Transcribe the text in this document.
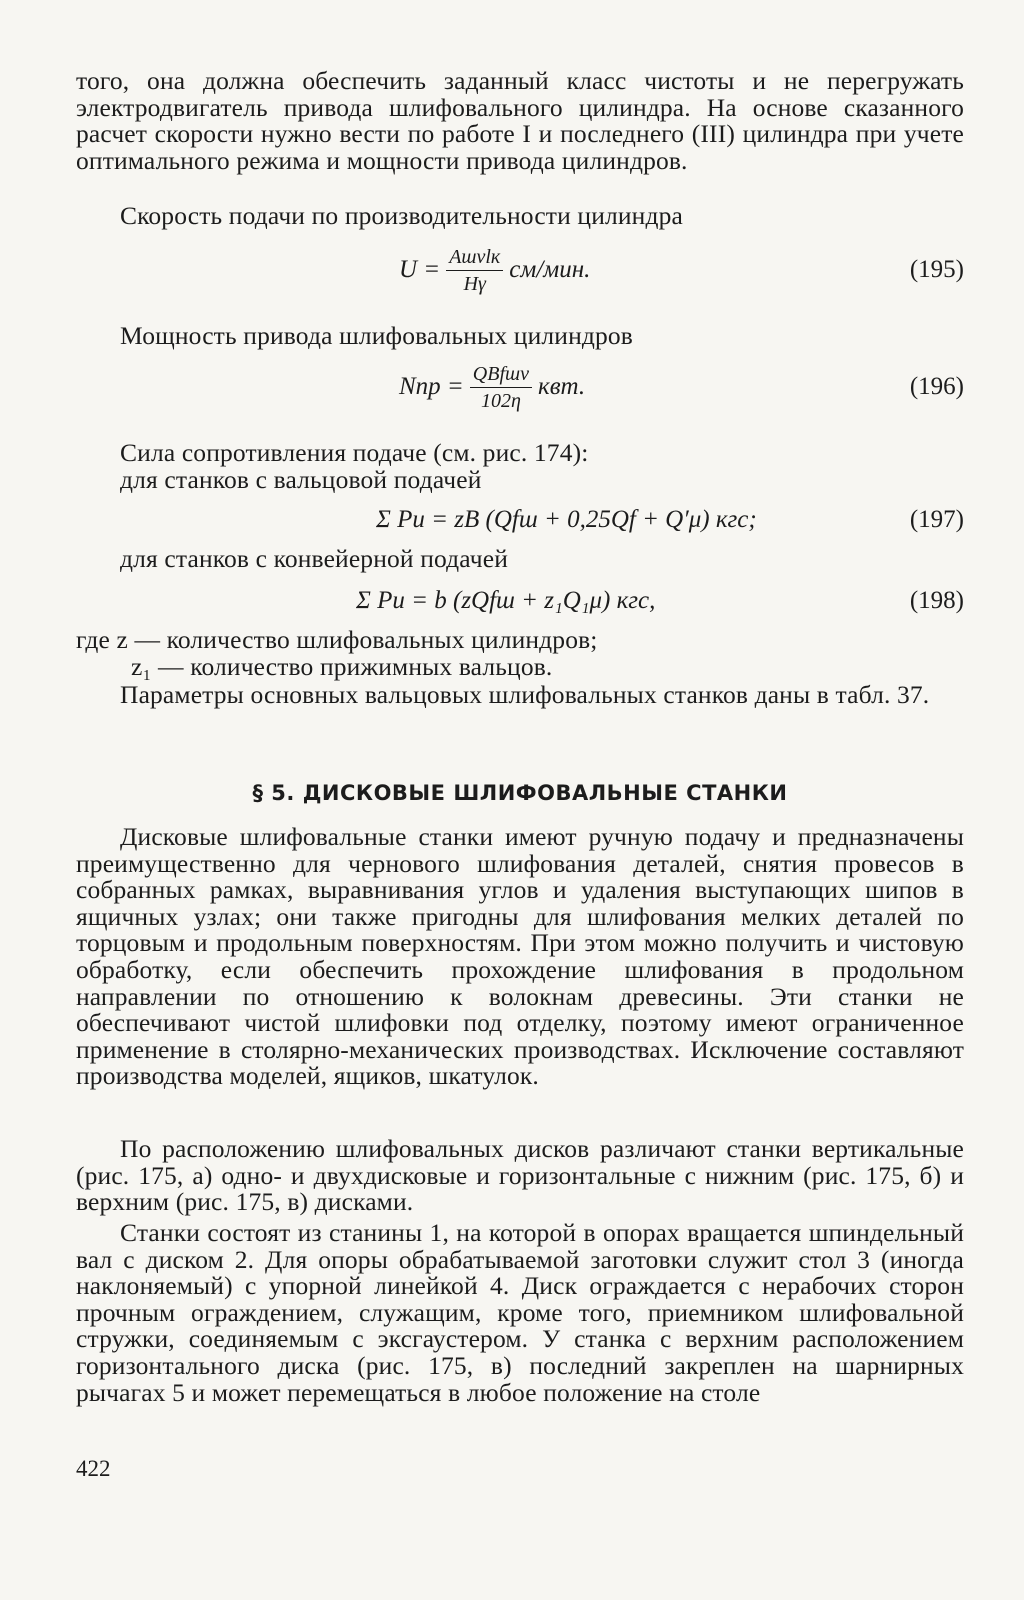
того, она должна обеспечить заданный класс чистоты и не перегружать электродвигатель привода шлифовального цилиндра. На основе сказанного расчет скорости нужно вести по работе I и последнего (III) цилиндра при учете оптимального режима и мощности привода цилиндров.
Скорость подачи по производительности цилиндра
$U = \frac{\text{Aшvlк}}{H\gamma} см/мин$.	(195)
Мощность привода шлифовальных цилиндров
Nпр = $\frac{\text{QBfшv}}{102\eta}$ квт.	(196)
Сила сопротивления подаче (см. рис. 174):
для станков с вальцовой подачей
Σ Pu = zB (Qfш + 0,25Qf + Q′μ) кгс;	(197)
для станков с конвейерной подачей
Σ Pu = b (zQfш + z₁Q₁μ) кгс,	(198)
где z — количество шлифовальных цилиндров;
z₁ — количество прижимных вальцов.
Параметры основных вальцовых шлифовальных станков даны в табл. 37.
§ 5. ДИСКОВЫЕ ШЛИФОВАЛЬНЫЕ СТАНКИ
Дисковые шлифовальные станки имеют ручную подачу и предназначены преимущественно для чернового шлифования деталей, снятия провесов в собранных рамках, выравнивания углов и удаления выступающих шипов в ящичных узлах; они также пригодны для шлифования мелких деталей по торцовым и продольным поверхностям. При этом можно получить и чистовую обработку, если обеспечить прохождение шлифования в продольном направлении по отношению к волокнам древесины. Эти станки не обеспечивают чистой шлифовки под отделку, поэтому имеют ограниченное применение в столярно-механических производствах. Исключение составляют производства моделей, ящиков, шкатулок.
По расположению шлифовальных дисков различают станки вертикальные (рис. 175, а) одно- и двухдисковые и горизонтальные с нижним (рис. 175, б) и верхним (рис. 175, в) дисками.
Станки состоят из станины 1, на которой в опорах вращается шпиндельный вал с диском 2. Для опоры обрабатываемой заготовки служит стол 3 (иногда наклоняемый) с упорной линейкой 4. Диск ограждается с нерабочих сторон прочным ограждением, служащим, кроме того, приемником шлифовальной стружки, соединяемым с эксгаустером. У станка с верхним расположением горизонтального диска (рис. 175, в) последний закреплен на шарнирных рычагах 5 и может перемещаться в любое положение на столе
422
